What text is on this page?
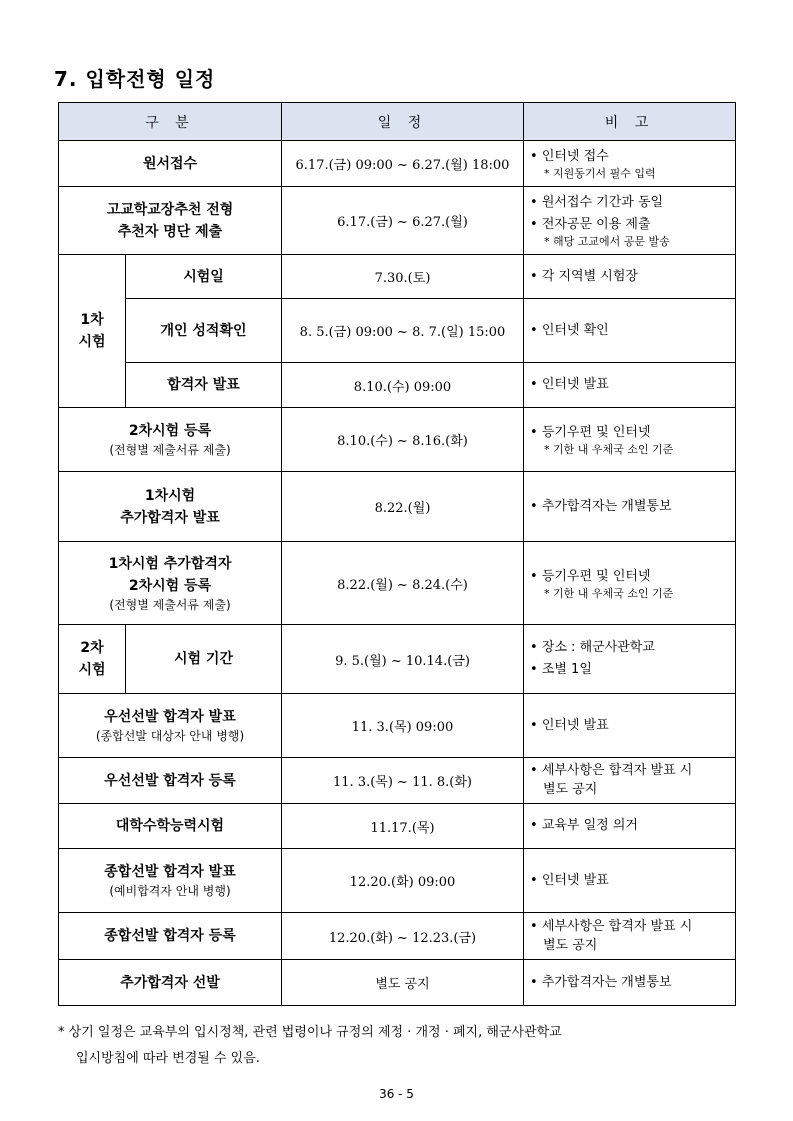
7. 입학전형 일정
구 분		일 정	비 고
원서접수		6.17.(금) 09:00 ~ 6.27.(월) 18:00	• 인터넷 접수
* 지원동기서 필수 입력

고교학교장추천 전형
추천자 명단 제출		6.17.(금) ~ 6.27.(월)	• 원서접수 기간과 동일
• 전자공문 이용 제출
* 해당 고교에서 공문 발송

1차
시험	시험일	7.30.(토)	• 각 지역별 시험장

	개인 성적확인	8. 5.(금) 09:00 ~ 8. 7.(일) 15:00	• 인터넷 확인

	합격자 발표	8.10.(수) 09:00	• 인터넷 발표

2차시험 등록
(전형별 제출서류 제출)		8.10.(수) ~ 8.16.(화)	• 등기우편 및 인터넷
* 기한 내 우체국 소인 기준

1차시험
추가합격자 발표		8.22.(월)	• 추가합격자는 개별통보

1차시험 추가합격자
2차시험 등록
(전형별 제출서류 제출)		8.22.(월) ~ 8.24.(수)	• 등기우편 및 인터넷
* 기한 내 우체국 소인 기준

2차
시험	시험 기간	9. 5.(월) ~ 10.14.(금)	• 장소 : 해군사관학교
• 조별 1일

우선선발 합격자 발표
(종합선발 대상자 안내 병행)		11. 3.(목) 09:00	• 인터넷 발표

우선선발 합격자 등록		11. 3.(목) ~ 11. 8.(화)	• 세부사항은 합격자 발표 시
별도 공지

대학수학능력시험		11.17.(목)	• 교육부 일정 의거

종합선발 합격자 발표
(예비합격자 안내 병행)		12.20.(화) 09:00	• 인터넷 발표

종합선발 합격자 등록		12.20.(화) ~ 12.23.(금)	• 세부사항은 합격자 발표 시
별도 공지

추가합격자 선발		별도 공지	• 추가합격자는 개별통보
* 상기 일정은 교육부의 입시정책, 관련 법령이나 규정의 제정 · 개정 · 폐지, 해군사관학교
입시방침에 따라 변경될 수 있음.
36 - 5
